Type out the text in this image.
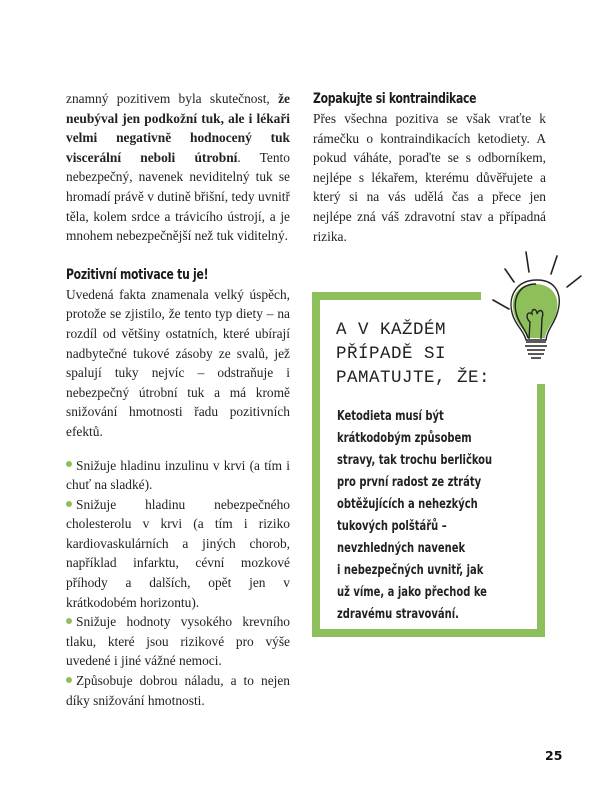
znamný pozitivem byla skutečnost, že neubýval jen podkožní tuk, ale i lékaři velmi negativně hodnocený tuk viscerální neboli útrobní. Tento nebezpečný, navenek neviditelný tuk se hromadí právě v dutině břišní, tedy uvnitř těla, kolem srdce a trávicího ústrojí, a je mnohem nebezpečnější než tuk viditelný.

Pozitivní motivace tu je!

Uvedená fakta znamenala velký úspěch, protože se zjistilo, že tento typ diety – na rozdíl od většiny ostatních, které ubírají nadbytečné tukové zásoby ze svalů, jež spalují tuky nejvíc – odstraňuje i nebezpečný útrobní tuk a má kromě snižování hmotnosti řadu pozitivních efektů.

Snižuje hladinu inzulinu v krvi (a tím i chuť na sladké).

Snižuje hladinu nebezpečného cholesterolu v krvi (a tím i riziko kardiovaskulárních a jiných chorob, například infarktu, cévní mozkové příhody a dalších, opět jen v krátkodobém horizontu).

Snižuje hodnoty vysokého krevního tlaku, které jsou rizikové pro výše uvedené i jiné vážné nemoci.

Způsobuje dobrou náladu, a to nejen díky snižování hmotnosti.

Zopakujte si kontraindikace

Přes všechna pozitiva se však vraťte k rámečku o kontraindikacích ketodiety. A pokud váháte, poraďte se s odborníkem, nejlépe s lékařem, kterému důvěřujete a který si na vás udělá čas a přece jen nejlépe zná váš zdravotní stav a případná rizika.

A V KAŽDÉM
PŘÍPADĚ SI
PAMATUJTE, ŽE:
Ketodieta musí být
krátkodobým způsobem
stravy, tak trochu berličkou
pro první radost ze ztráty
obtěžujících a nehezkých
tukových polštářů –
nevzhledných navenek
i nebezpečných uvnitř, jak
už víme, a jako přechod ke
zdravému stravování.
25
